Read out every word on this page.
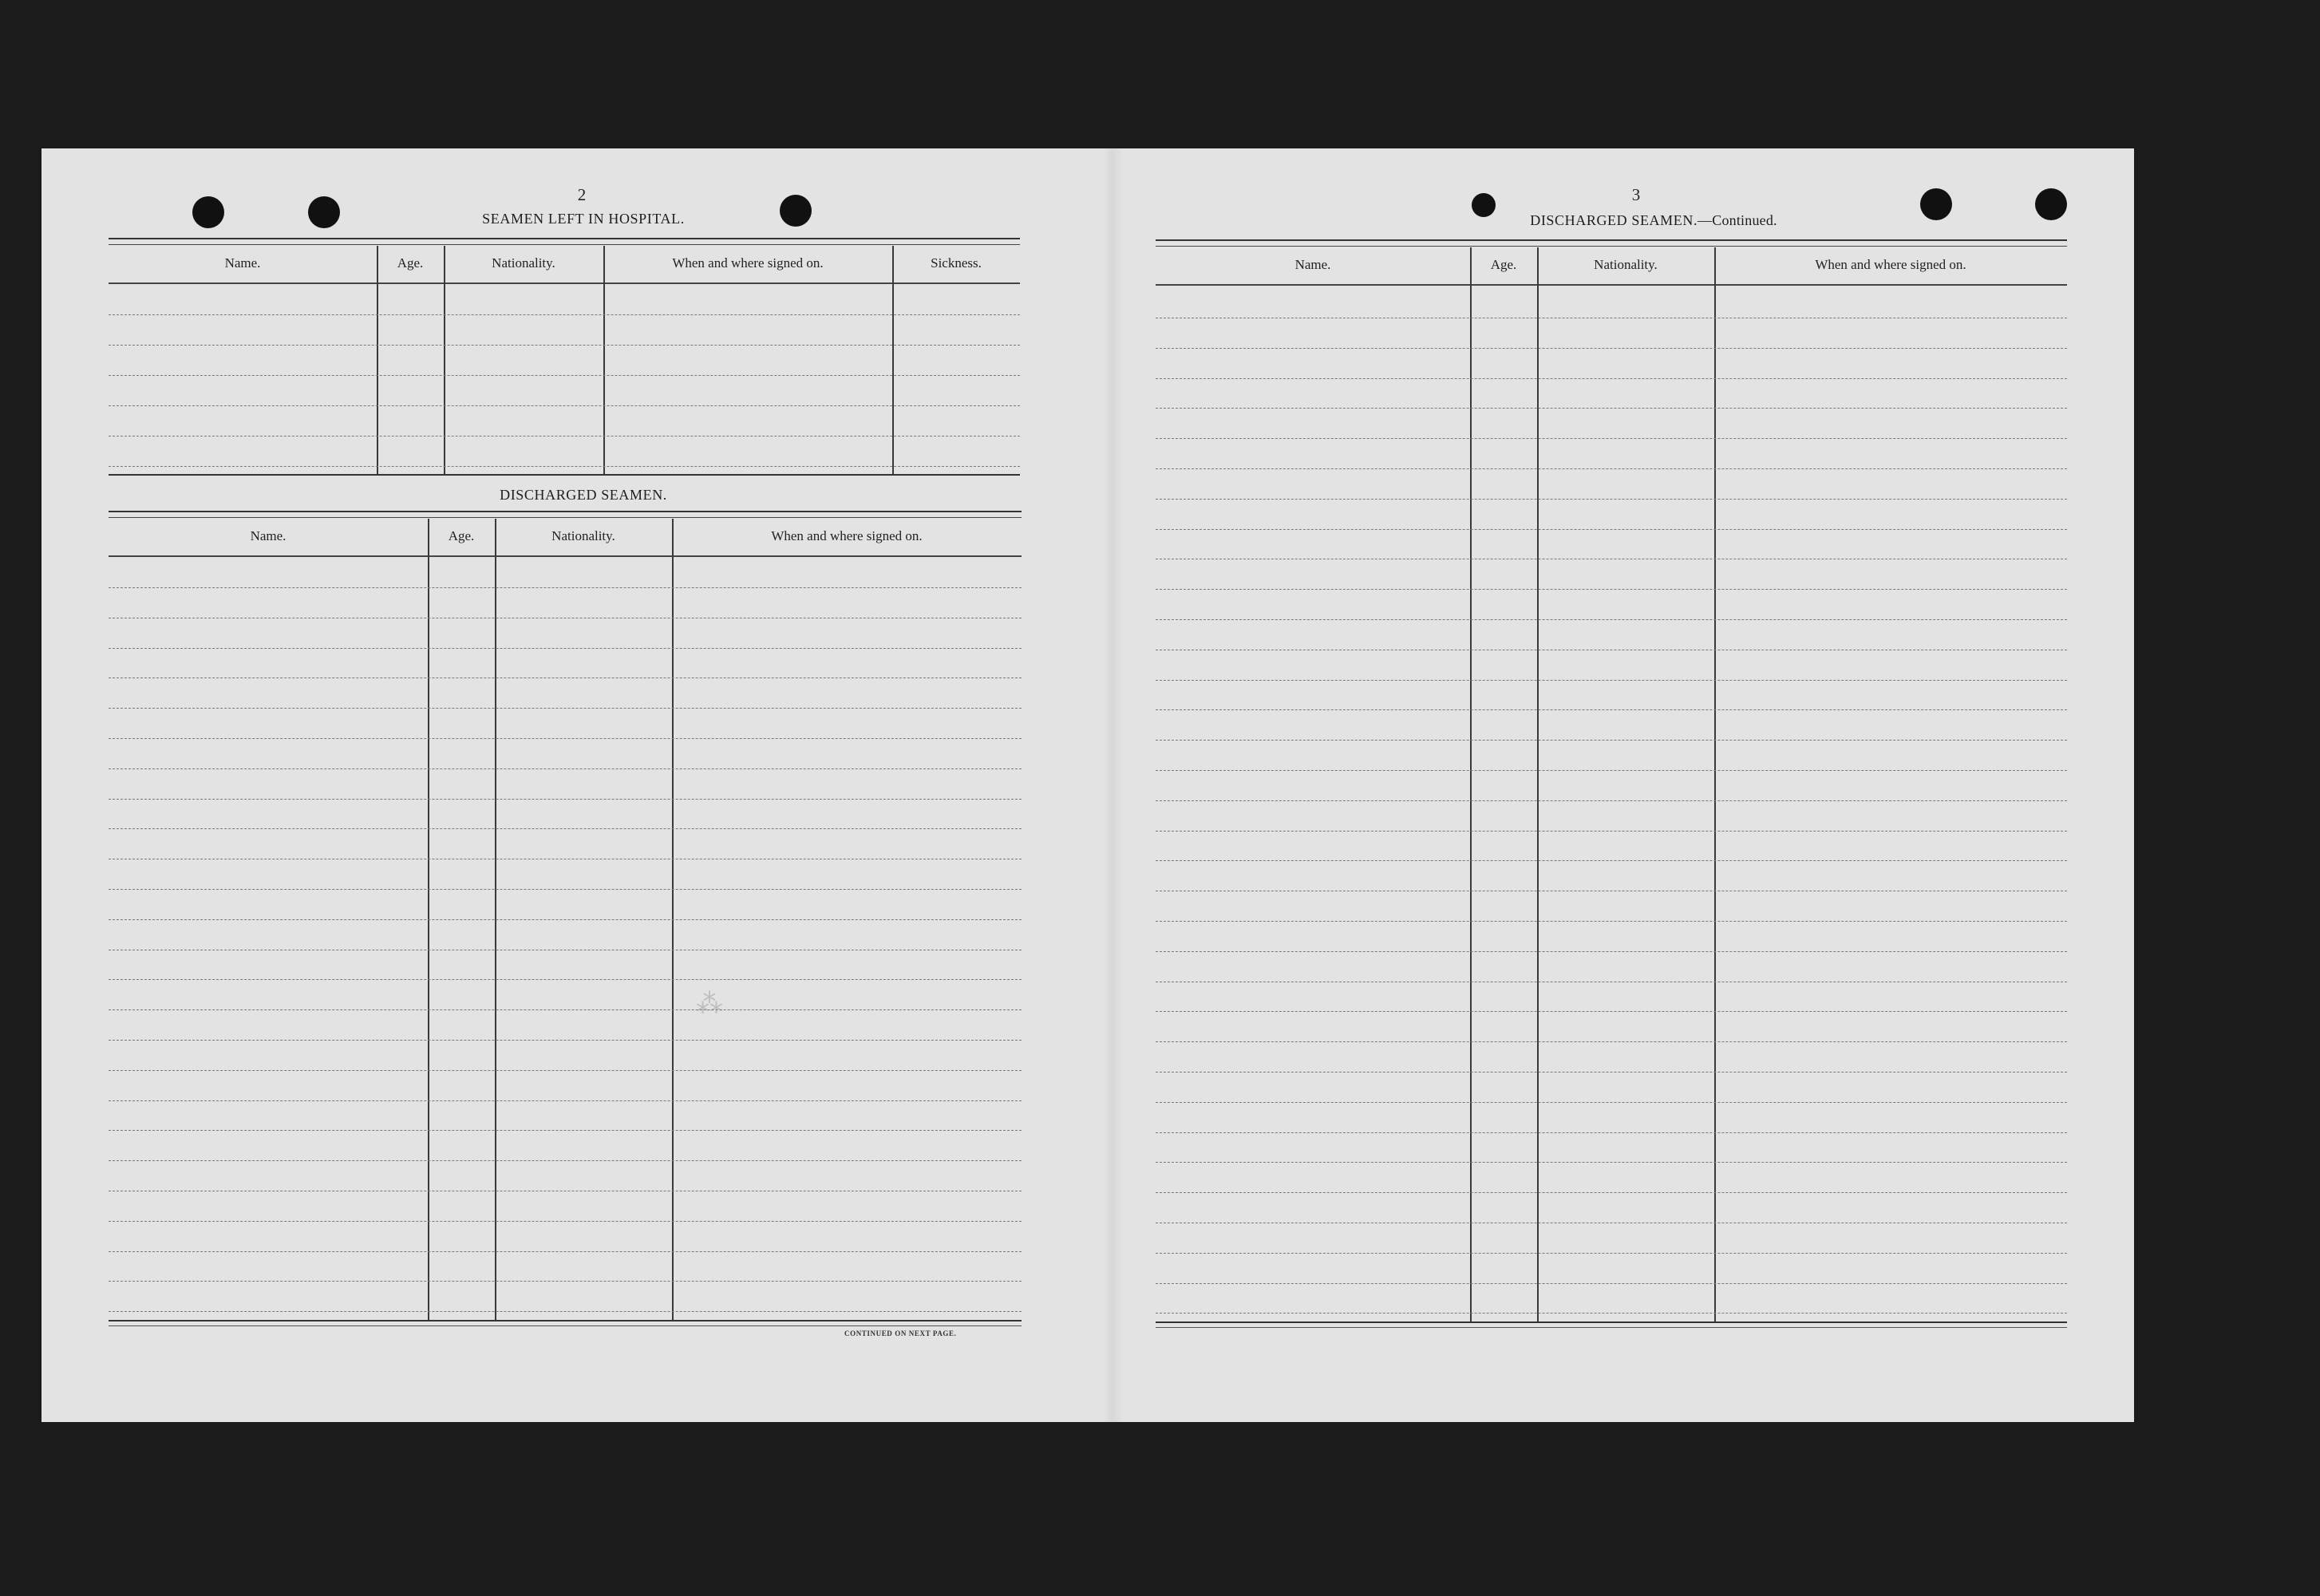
2
SEAMEN LEFT IN HOSPITAL.
Name.	Age.	Nationality.	When and where signed on.	Sickness.
DISCHARGED SEAMEN.
Name.	Age.	Nationality.	When and where signed on.
⁂
CONTINUED ON NEXT PAGE.
3
DISCHARGED SEAMEN.—Continued.
Name.	Age.	Nationality.	When and where signed on.
